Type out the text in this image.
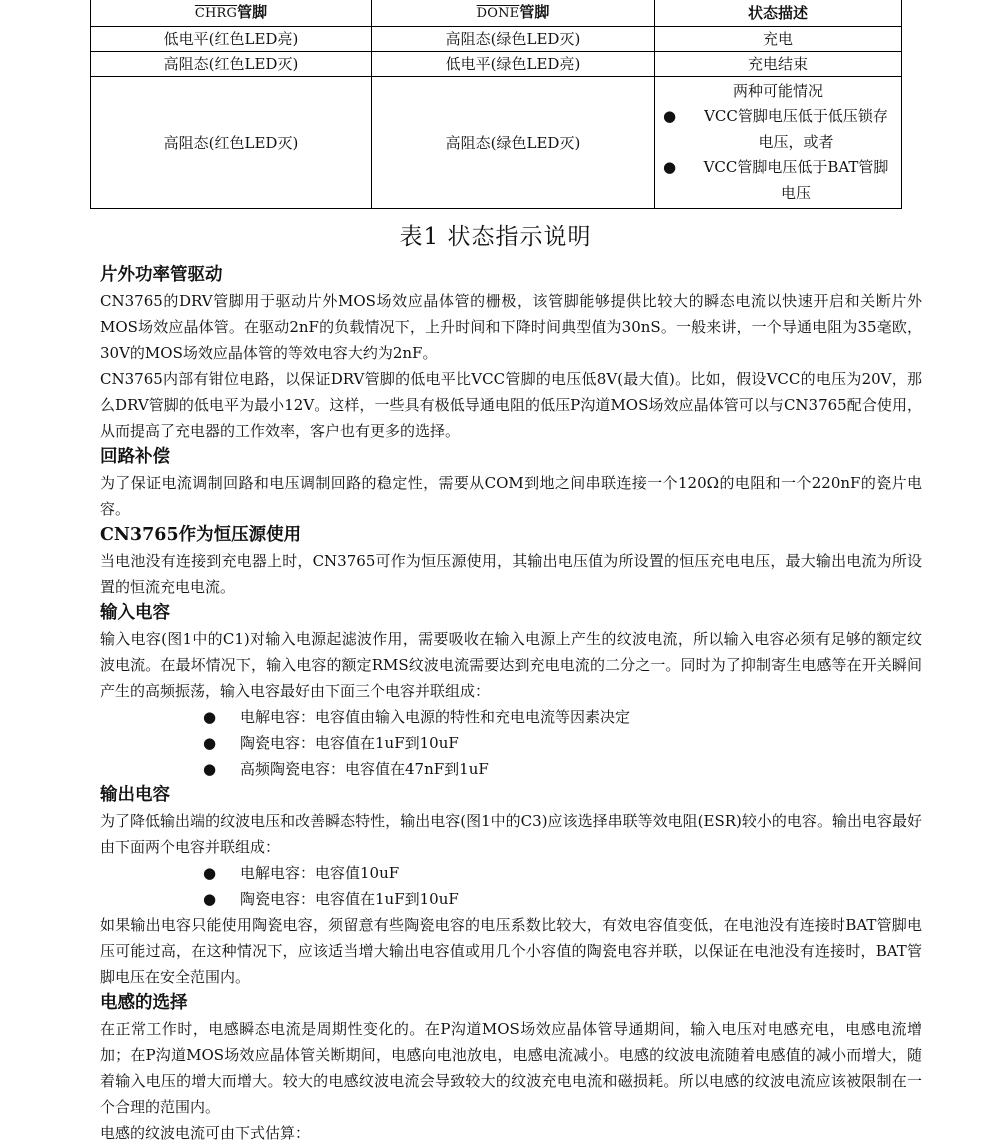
CHRG管脚	DONE管脚	状态描述
低电平(红色LED亮)	高阻态(绿色LED灭)	充电
高阻态(红色LED灭)	低电平(绿色LED亮)	充电结束
高阻态(红色LED灭)	高阻态(绿色LED灭)	两种可能情况
● VCC管脚电压低于低压锁存电压，或者
● VCC管脚电压低于BAT管脚电压
表1 状态指示说明
片外功率管驱动

CN3765的DRV管脚用于驱动片外MOS场效应晶体管的栅极，该管脚能够提供比较大的瞬态电流以快速开启和关断片外MOS场效应晶体管。在驱动2nF的负载情况下，上升时间和下降时间典型值为30nS。一般来讲，一个导通电阻为35毫欧，30V的MOS场效应晶体管的等效电容大约为2nF。

CN3765内部有钳位电路，以保证DRV管脚的低电平比VCC管脚的电压低8V(最大值)。比如，假设VCC的电压为20V，那么DRV管脚的低电平为最小12V。这样，一些具有极低导通电阻的低压P沟道MOS场效应晶体管可以与CN3765配合使用，从而提高了充电器的工作效率，客户也有更多的选择。

回路补偿

为了保证电流调制回路和电压调制回路的稳定性，需要从COM到地之间串联连接一个120Ω的电阻和一个220nF的瓷片电容。

CN3765作为恒压源使用

当电池没有连接到充电器上时，CN3765可作为恒压源使用，其输出电压值为所设置的恒压充电电压，最大输出电流为所设置的恒流充电电流。

输入电容

输入电容(图1中的C1)对输入电源起滤波作用，需要吸收在输入电源上产生的纹波电流，所以输入电容必须有足够的额定纹波电流。在最坏情况下，输入电容的额定RMS纹波电流需要达到充电电流的二分之一。同时为了抑制寄生电感等在开关瞬间产生的高频振荡，输入电容最好由下面三个电容并联组成：

●	电解电容：电容值由输入电源的特性和充电电流等因素决定
●	陶瓷电容：电容值在1uF到10uF
●	高频陶瓷电容：电容值在47nF到1uF
输出电容

为了降低输出端的纹波电压和改善瞬态特性，输出电容(图1中的C3)应该选择串联等效电阻(ESR)较小的电容。输出电容最好由下面两个电容并联组成：

●	电解电容：电容值10uF
●	陶瓷电容：电容值在1uF到10uF

如果输出电容只能使用陶瓷电容，须留意有些陶瓷电容的电压系数比较大，有效电容值变低，在电池没有连接时BAT管脚电压可能过高，在这种情况下，应该适当增大输出电容值或用几个小容值的陶瓷电容并联，以保证在电池没有连接时，BAT管脚电压在安全范围内。

电感的选择

在正常工作时，电感瞬态电流是周期性变化的。在P沟道MOS场效应晶体管导通期间，输入电压对电感充电，电感电流增加；在P沟道MOS场效应晶体管关断期间，电感向电池放电，电感电流减小。电感的纹波电流随着电感值的减小而增大，随着输入电压的增大而增大。较大的电感纹波电流会导致较大的纹波充电电流和磁损耗。所以电感的纹波电流应该被限制在一个合理的范围内。

电感的纹波电流可由下式估算：
